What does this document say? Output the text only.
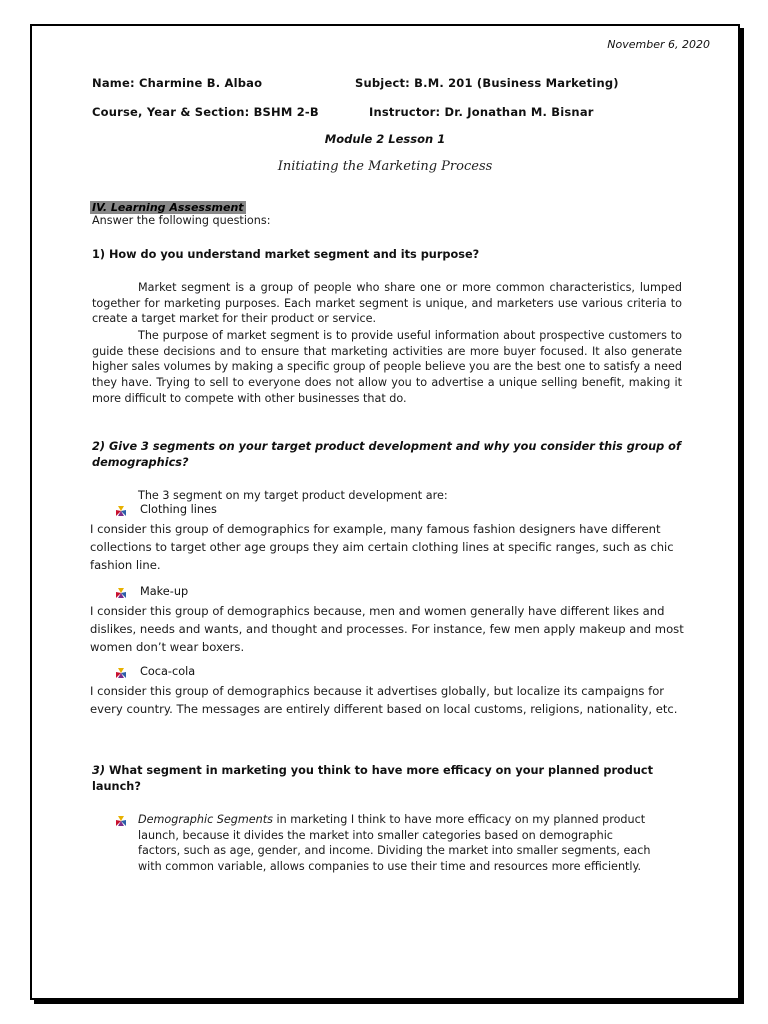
November 6, 2020
Name: Charmine B. Albao	Subject: B.M. 201 (Business Marketing)
Course, Year & Section: BSHM 2-B	Instructor: Dr. Jonathan M. Bisnar
Module 2 Lesson 1
Initiating the Marketing Process
IV. Learning Assessment
Answer the following questions:
1) How do you understand market segment and its purpose?
Market segment is a group of people who share one or more common characteristics, lumped together for marketing purposes. Each market segment is unique, and marketers use various criteria to create a target market for their product or service.
The purpose of market segment is to provide useful information about prospective customers to guide these decisions and to ensure that marketing activities are more buyer focused. It also generate higher sales volumes by making a specific group of people believe you are the best one to satisfy a need they have. Trying to sell to everyone does not allow you to advertise a unique selling benefit, making it more difficult to compete with other businesses that do.
2) Give 3 segments on your target product development and why you consider this group of demographics?
The 3 segment on my target product development are:
Clothing lines
I consider this group of demographics for example, many famous fashion designers have different collections to target other age groups they aim certain clothing lines at specific ranges, such as chic fashion line.
Make-up
I consider this group of demographics because, men and women generally have different likes and dislikes, needs and wants, and thought and processes. For instance, few men apply makeup and most women don’t wear boxers.
Coca-cola
I consider this group of demographics because it advertises globally, but localize its campaigns for every country. The messages are entirely different based on local customs, religions, nationality, etc.
3) What segment in marketing you think to have more efficacy on your planned product launch?
Demographic Segments in marketing I think to have more efficacy on my planned product launch, because it divides the market into smaller categories based on demographic factors, such as age, gender, and income. Dividing the market into smaller segments, each with common variable, allows companies to use their time and resources more efficiently.
